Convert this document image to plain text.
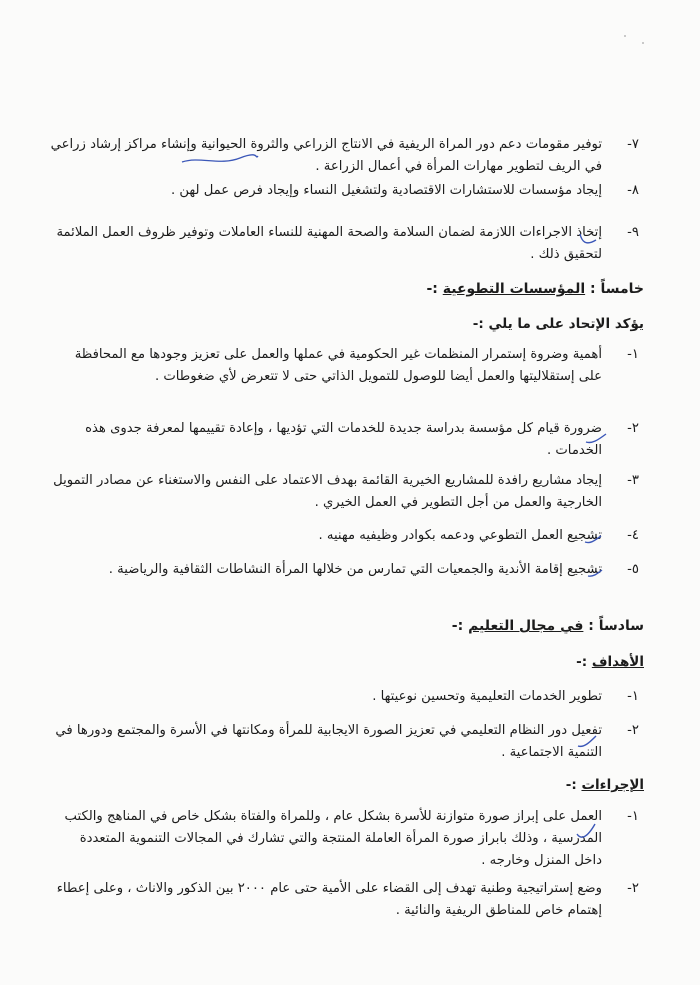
-٧
توفير مقومات دعم دور المراة الريفية في الانتاج الزراعي والثروة الحيوانية وإنشاء مراكز إرشاد زراعي في الريف لتطوير مهارات المرأة في أعمال الزراعة .
-٨
إيجاد مؤسسات للاستشارات الاقتصادية ولتشغيل النساء وإيجاد فرص عمل لهن .
-٩
إتخاذ الاجراءات اللازمة لضمان السلامة والصحة المهنية للنساء العاملات وتوفير ظروف العمل الملائمة لتحقيق ذلك .
خامساً : المؤسسات التطوعية :-
يؤكد الإتحاد على ما يلي :-
-١
أهمية وضروة إستمرار المنظمات غير الحكومية في عملها والعمل على تعزيز وجودها مع المحافظة على إستقلاليتها والعمل أيضا للوصول للتمويل الذاتي حتى لا تتعرض لأي ضغوطات .
-٢
ضرورة قيام كل مؤسسة بدراسة جديدة للخدمات التي تؤديها ، وإعادة تقييمها لمعرفة جدوى هذه الخدمات .
-٣
إيجاد مشاريع رافدة للمشاريع الخيرية القائمة بهدف الاعتماد على النفس والاستغناء عن مصادر التمويل الخارجية والعمل من أجل التطوير في العمل الخيري .
-٤
تشجيع العمل التطوعي ودعمه بكوادر وظيفيه مهنيه .
-٥
تشجيع إقامة الأندية والجمعيات التي تمارس من خلالها المرأة النشاطات الثقافية والرياضية .
سادساً : في مجال التعليم :-
الأهداف :-
-١
تطوير الخدمات التعليمية وتحسين نوعيتها .
-٢
تفعيل دور النظام التعليمي في تعزيز الصورة الايجابية للمرأة ومكانتها في الأسرة والمجتمع ودورها في التنمية الاجتماعية .
الإجراءات :-
-١
العمل على إبراز صورة متوازنة للأسرة بشكل عام ، وللمراة والفتاة بشكل خاص في المناهج والكتب المدرسية ، وذلك بابراز صورة المرأة العاملة المنتجة والتي تشارك في المجالات التنموية المتعددة داخل المنزل وخارجه .
-٢
وضع إستراتيجية وطنية تهدف إلى القضاء على الأمية حتى عام ٢٠٠٠ بين الذكور والاناث ، وعلى إعطاء إهتمام خاص للمناطق الريفية والنائية .
